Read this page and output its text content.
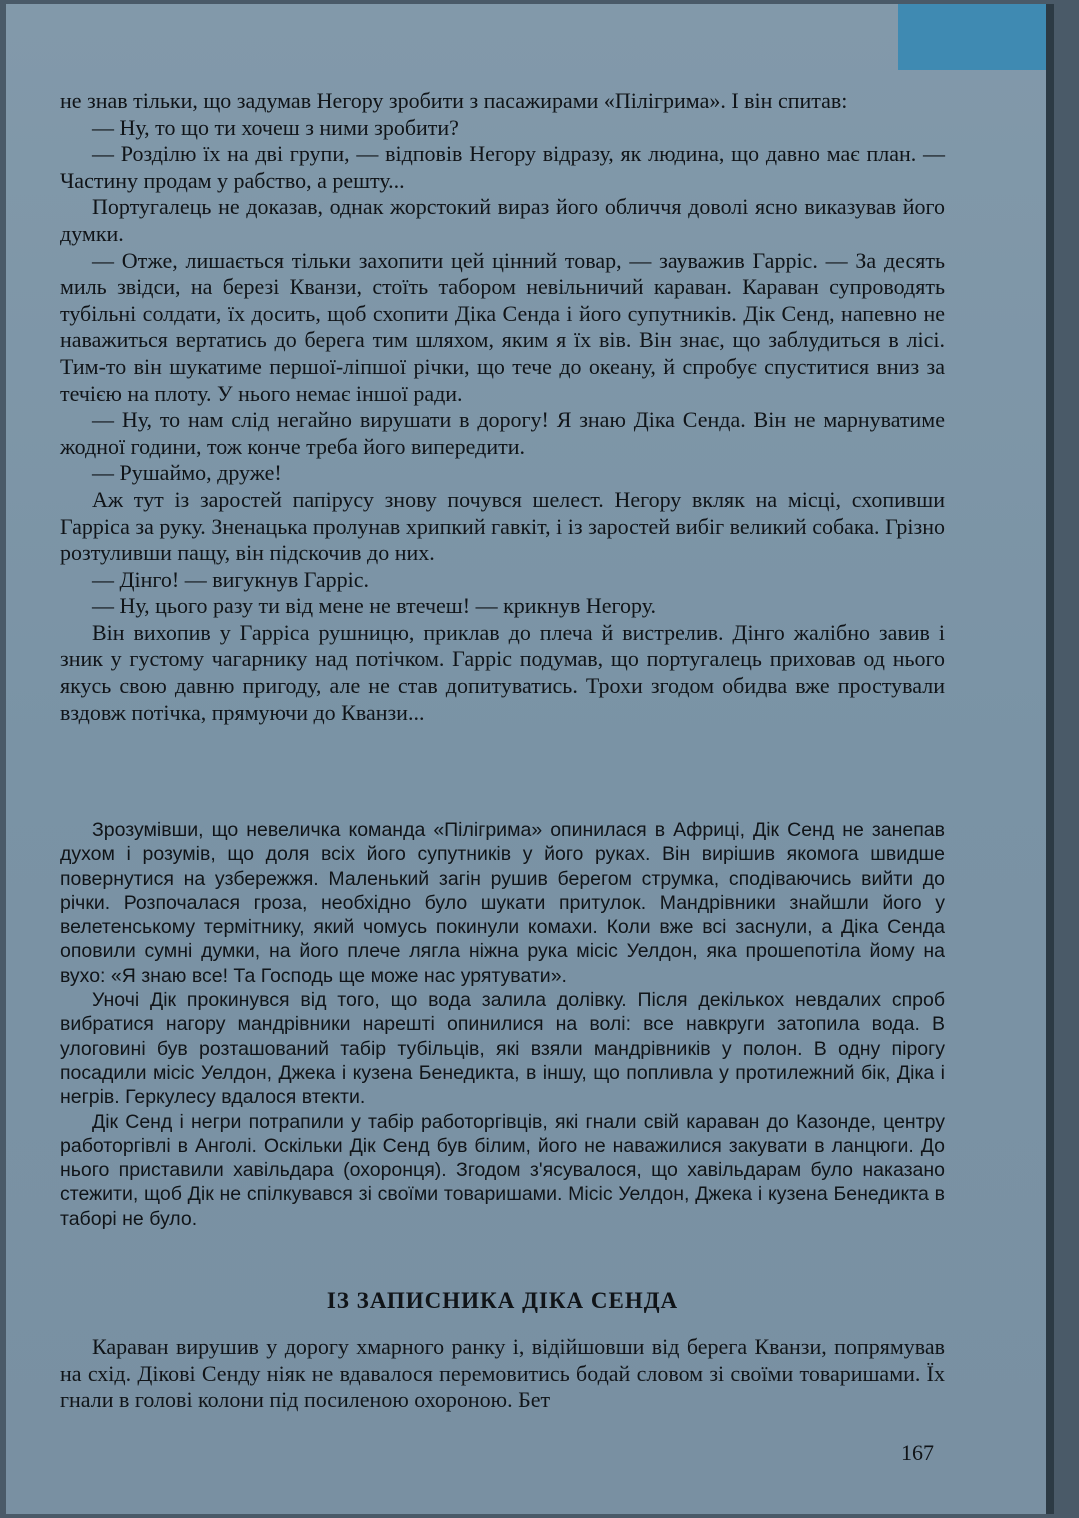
не знав тільки, що задумав Негору зробити з пасажирами «Пілігрима». І він спитав:

— Ну, то що ти хочеш з ними зробити?

— Розділю їх на дві групи, — відповів Негору відразу, як людина, що давно має план. — Частину продам у рабство, а решту...

Португалець не доказав, однак жорстокий вираз його обличчя доволі ясно виказував його думки.

— Отже, лишається тільки захопити цей цінний товар, — зауважив Гарріс. — За десять миль звідси, на березі Кванзи, стоїть табором невільничий караван. Караван супроводять тубільні солдати, їх досить, щоб схопити Діка Сенда і його супутників. Дік Сенд, напевно не наважиться вертатись до берега тим шляхом, яким я їх вів. Він знає, що заблудиться в лісі. Тим-то він шукатиме першої-ліпшої річки, що тече до океану, й спробує спуститися вниз за течією на плоту. У нього немає іншої ради.

— Ну, то нам слід негайно вирушати в дорогу! Я знаю Діка Сенда. Він не марнуватиме жодної години, тож конче треба його випередити.

— Рушаймо, друже!

Аж тут із заростей папірусу знову почувся шелест. Негору вкляк на місці, схопивши Гарріса за руку. Зненацька пролунав хрипкий гавкіт, і із заростей вибіг великий собака. Грізно розтуливши пащу, він підскочив до них.

— Дінго! — вигукнув Гарріс.

— Ну, цього разу ти від мене не втечеш! — крикнув Негору.

Він вихопив у Гарріса рушницю, приклав до плеча й вистрелив. Дінго жалібно завив і зник у густому чагарнику над потічком. Гарріс подумав, що португалець приховав од нього якусь свою давню пригоду, але не став допитуватись. Трохи згодом обидва вже простували вздовж потічка, прямуючи до Кванзи...

Зрозумівши, що невеличка команда «Пілігрима» опинилася в Африці, Дік Сенд не занепав духом і розумів, що доля всіх його супутників у його руках. Він вирішив якомога швидше повернутися на узбережжя. Маленький загін рушив берегом струмка, сподіваючись вийти до річки. Розпочалася гроза, необхідно було шукати притулок. Мандрівники знайшли його у велетенському термітнику, який чомусь покинули комахи. Коли вже всі заснули, а Діка Сенда оповили сумні думки, на його плече лягла ніжна рука місіс Уелдон, яка прошепотіла йому на вухо: «Я знаю все! Та Господь ще може нас урятувати».

Уночі Дік прокинувся від того, що вода залила долівку. Після декількох невдалих спроб вибратися нагору мандрівники нарешті опинилися на волі: все навкруги затопила вода. В улоговині був розташований табір тубільців, які взяли мандрівників у полон. В одну пірогу посадили місіс Уелдон, Джека і кузена Бенедикта, в іншу, що попливла у протилежний бік, Діка і негрів. Геркулесу вдалося втекти.

Дік Сенд і негри потрапили у табір работоргівців, які гнали свій караван до Казонде, центру работоргівлі в Анголі. Оскільки Дік Сенд був білим, його не наважилися закувати в ланцюги. До нього приставили хавільдара (охоронця). Згодом з'ясувалося, що хавільдарам було наказано стежити, щоб Дік не спілкувався зі своїми товаришами. Місіс Уелдон, Джека і кузена Бенедикта в таборі не було.

ІЗ ЗАПИСНИКА ДІКА СЕНДА

Караван вирушив у дорогу хмарного ранку і, відійшовши від берега Кванзи, попрямував на схід. Дікові Сенду ніяк не вдавалося перемовитись бодай словом зі своїми товаришами. Їх гнали в голові колони під посиленою охороною. Бет

167
